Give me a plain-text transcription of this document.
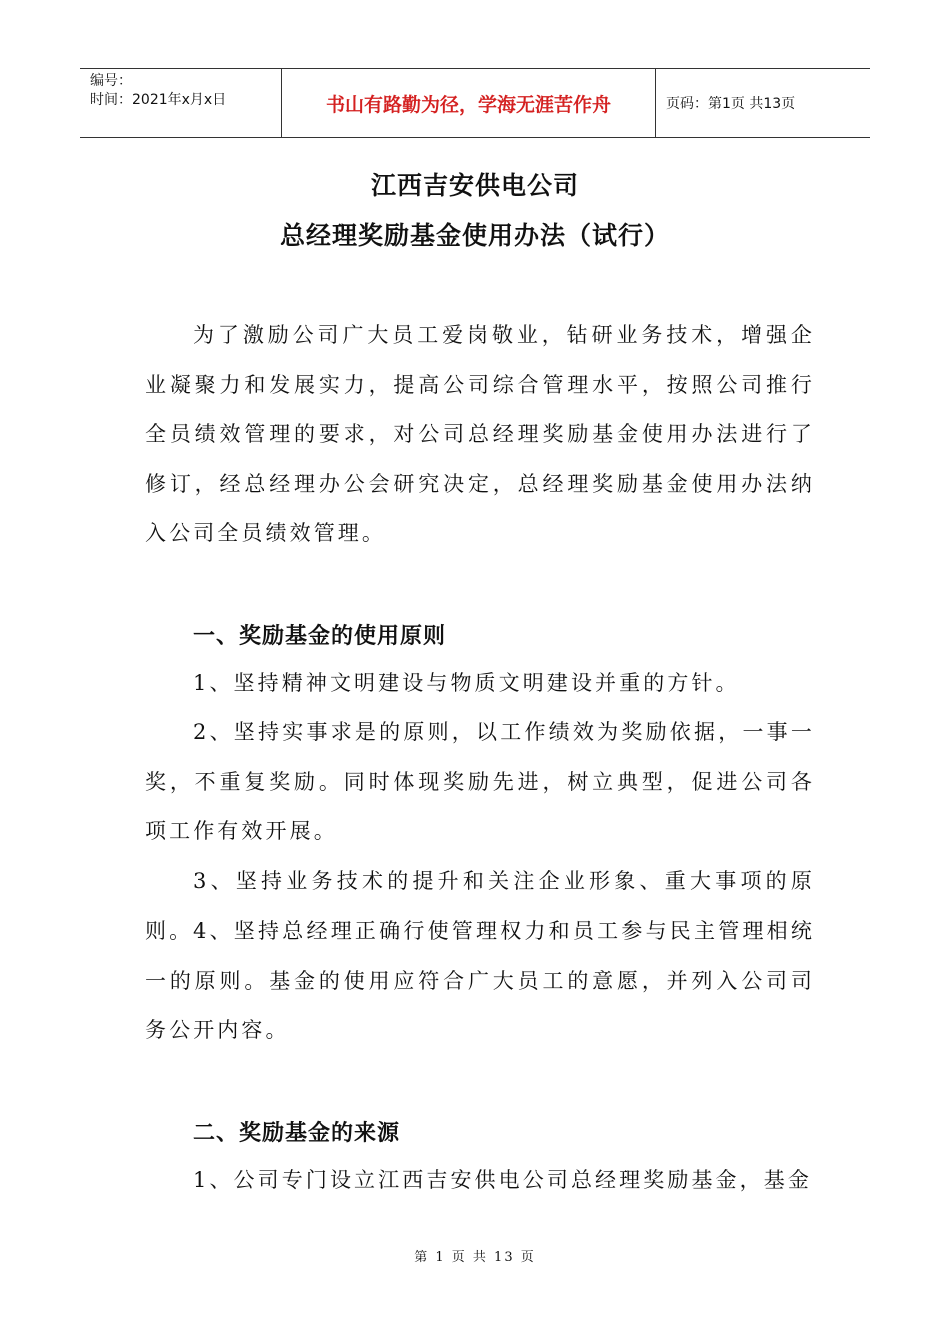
编号：
时间：2021年x月x日	书山有路勤为径，学海无涯苦作舟	页码：第1页 共13页
江西吉安供电公司
总经理奖励基金使用办法（试行）

为了激励公司广大员工爱岗敬业，钻研业务技术，增强企业凝聚力和发展实力，提高公司综合管理水平，按照公司推行全员绩效管理的要求，对公司总经理奖励基金使用办法进行了修订，经总经理办公会研究决定，总经理奖励基金使用办法纳入公司全员绩效管理。

一、奖励基金的使用原则

1、坚持精神文明建设与物质文明建设并重的方针。

2、坚持实事求是的原则，以工作绩效为奖励依据，一事一奖，不重复奖励。同时体现奖励先进，树立典型，促进公司各项工作有效开展。

3、坚持业务技术的提升和关注企业形象、重大事项的原则。 4、坚持总经理正确行使管理权力和员工参与民主管理相统一的原则。基金的使用应符合广大员工的意愿，并列入公司司务公开内容。

二、奖励基金的来源

1、公司专门设立江西吉安供电公司总经理奖励基金，基金

第 1 页 共 13 页
